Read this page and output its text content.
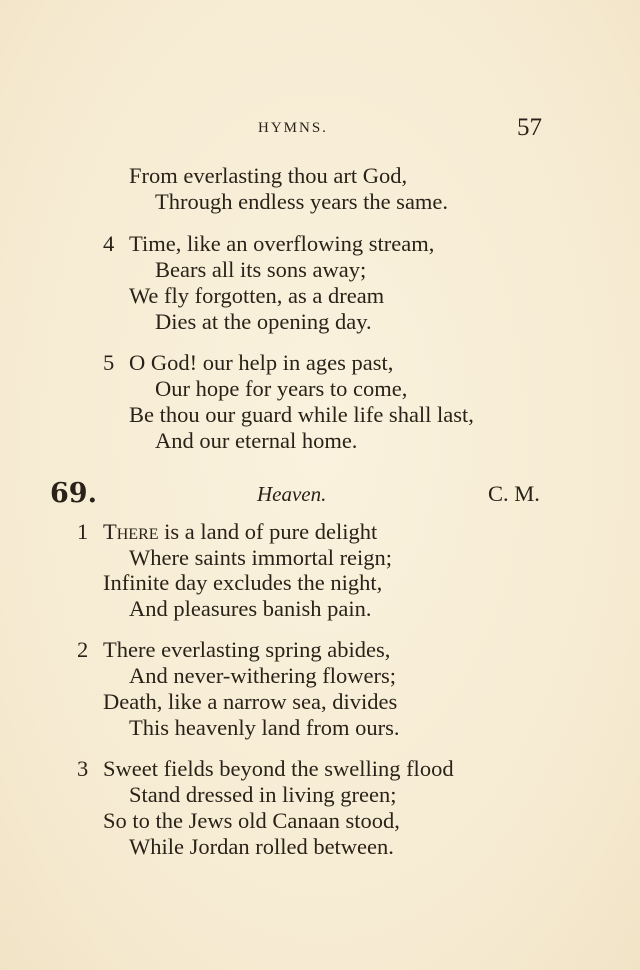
HYMNS.	57
From everlasting thou art God,
Through endless years the same.
4 Time, like an overflowing stream,
Bears all its sons away;
We fly forgotten, as a dream
Dies at the opening day.
5 O God! our help in ages past,
Our hope for years to come,
Be thou our guard while life shall last,
And our eternal home.
69.	Heaven.	C. M.
1 There is a land of pure delight
Where saints immortal reign;
Infinite day excludes the night,
And pleasures banish pain.
2 There everlasting spring abides,
And never-withering flowers;
Death, like a narrow sea, divides
This heavenly land from ours.
3 Sweet fields beyond the swelling flood
Stand dressed in living green;
So to the Jews old Canaan stood,
While Jordan rolled between.
